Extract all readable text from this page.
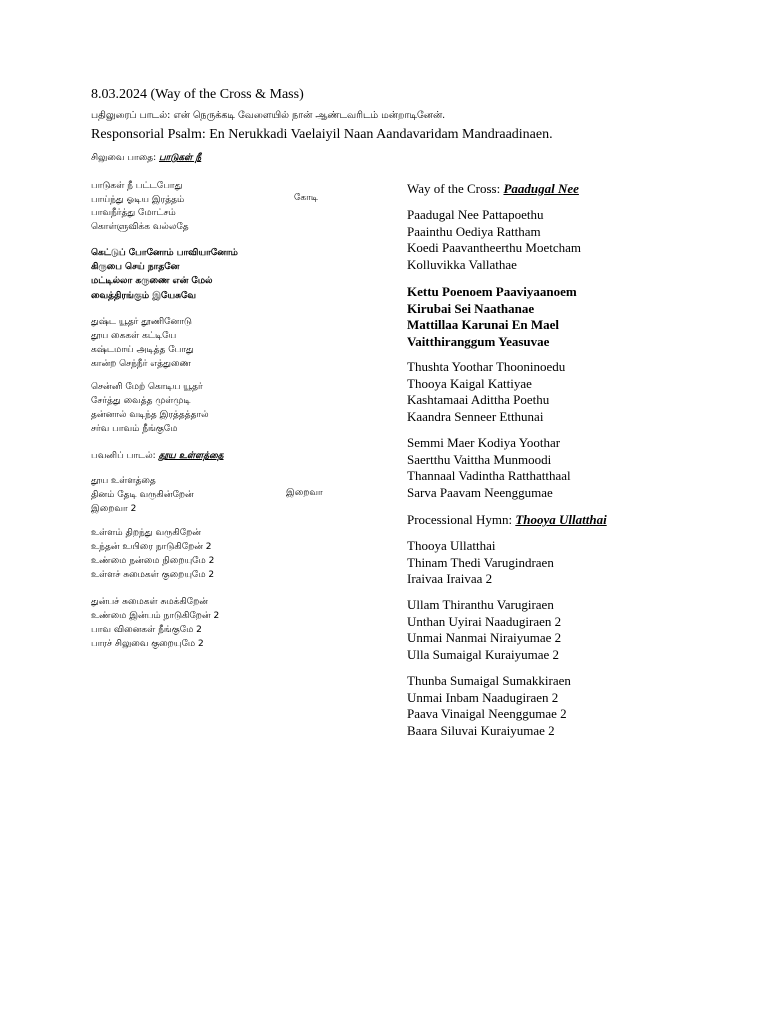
8.03.2024 (Way of the Cross & Mass)
பதிலுரைப் பாடல்: என் நெருக்கடி வேளையில் நான் ஆண்டவரிடம் மன்றாடினேன்.
Responsorial Psalm: En Nerukkadi Vaelaiyil Naan Aandavaridam Mandraadinaen.
சிலுவை பாதை: பாடுகள் நீ
பாடுகள் நீ பட்டபோது
பாய்ந்து ஓடிய இரத்தம்
பாவநீர்த்து மோட்சம்
கொள்ளுவிக்க வல்லதே
கெட்டுப் போனோம் பாவியானோம்
கிருபை செய் நாதனே
மட்டில்லா கருணை என் மேல்
வைத்திரங்கும் இயேசுவே
துஷ்ட யூதர் தூணினோடு
தூய கைகள் கட்டியே
கஷ்டமாய் அடித்த போது
கான்ற செந்நீர் எத்துணை
சென்னி மேற் கொடிய யூதர்
சேர்த்து வைத்த முள்முடி
தன்னால் வடிந்த இரத்தத்தால்
சர்வ பாவம் நீங்குமே
பவனிப் பாடல்: தூய உள்ளத்தை
தூய உள்ளத்தை
தினம் தேடி வருகின்றேன்
இறைவா 2
உள்ளம் திறந்து வருகிறேன்
உந்தன் உயிரை நாடுகிறேன் 2
உண்மை நன்மை நிறையுமே 2
உள்ளச் சுமைகள் குறையுமே 2
துன்பச் சுமைகள் சுமக்கிறேன்
உண்மை இன்பம் நாடுகிறேன் 2
பாவ வினைகள் நீங்குமே 2
பாரச் சிலுவை குறையுமே 2
கோடி
இறைவா
Way of the Cross: Paadugal Nee
Paadugal Nee Pattapoethu
Paainthu Oediya Rattham
Koedi Paavantheerthu Moetcham
Kolluvikka Vallathae
Kettu Poenoem Paaviyaanoem
Kirubai Sei Naathanae
Mattillaa Karunai En Mael
Vaitthiranggum Yeasuvae
Thushta Yoothar Thooninoedu
Thooya Kaigal Kattiyae
Kashtamaai Adittha Poethu
Kaandra Senneer Etthunai
Semmi Maer Kodiya Yoothar
Saertthu Vaittha Munmoodi
Thannaal Vadintha Ratthatthaal
Sarva Paavam Neenggumae
Processional Hymn: Thooya Ullatthai
Thooya Ullatthai
Thinam Thedi Varugindraen
Iraivaa Iraivaa 2
Ullam Thiranthu Varugiraen
Unthan Uyirai Naadugiraen 2
Unmai Nanmai Niraiyumae 2
Ulla Sumaigal Kuraiyumae 2
Thunba Sumaigal Sumakkiraen
Unmai Inbam Naadugiraen 2
Paava Vinaigal Neenggumae 2
Baara Siluvai Kuraiyumae 2
